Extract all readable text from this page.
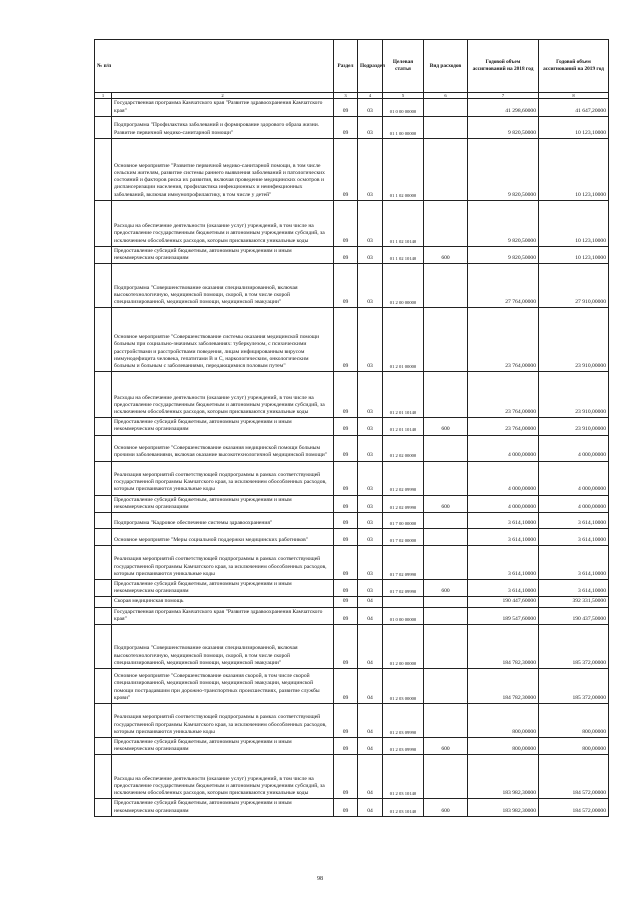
№ п/п		Раздел	Подраздел	Целевая статья	Вид расходов	Годовой объем ассигнований на 2018 год	Годовой объем ассигнований на 2019 год
1	2	3	4	5	6	7	8
	Государственная программа Камчатского края "Развитие здравоохранения Камчатского края"	09	03	01 0 00 00000		41 298,60000	41 647,20000
	Подпрограмма "Профилактика заболеваний и формирование здорового образа жизни. Развитие первичной медико-санитарной помощи"	09	03	01 1 00 00000		9 820,50000	10 123,10000
	Основное мероприятие "Развитие первичной медико-санитарной помощи, в том числе сельским жителям, развитие системы раннего выявления заболеваний и патологических состояний и факторов риска их развития, включая проведение медицинских осмотров и диспансеризации населения, профилактика инфекционных и неинфекционных заболеваний, включая иммунопрофилактику, в том числе у детей"	09	03	01 1 02 00000		9 820,50000	10 123,10000
	Расходы на обеспечение деятельности (оказание услуг) учреждений, в том числе на предоставление государственным бюджетным и автономным учреждениям субсидий, за исключением обособленных расходов, которым присваиваются уникальные коды	09	03	01 1 02 10140		9 820,50000	10 123,10000
	Предоставление субсидий бюджетным, автономным учреждениям и иным некоммерческим организациям	09	03	01 1 02 10140	600	9 820,50000	10 123,10000
	Подпрограмма "Совершенствование оказания специализированной, включая высокотехнологичную, медицинской помощи, скорой, в том числе скорой специализированной, медицинской помощи, медицинской эвакуации"	09	03	01 2 00 00000		27 764,00000	27 910,00000
	Основное мероприятие "Совершенствование системы оказания медицинской помощи больным при социально-значимых заболеваниях: туберкулезом, с психическими расстройствами и расстройствами поведения, лицам инфицированным вирусом иммунодефицита человека, гепатитами В и С, наркологическим, онкологическим больным и больным с заболеваниями, передающимися половым путем"	09	03	01 2 01 00000		23 764,00000	23 910,00000
	Расходы на обеспечение деятельности (оказание услуг) учреждений, в том числе на предоставление государственным бюджетным и автономным учреждениям субсидий, за исключением обособленных расходов, которым присваиваются уникальные коды	09	03	01 2 01 10140		23 764,00000	23 910,00000
	Предоставление субсидий бюджетным, автономным учреждениям и иным некоммерческим организациям	09	03	01 2 01 10140	600	23 764,00000	23 910,00000
	Основное мероприятие "Совершенствование оказания медицинской помощи больным прочими заболеваниями, включая оказание высокотехнологичной медицинской помощи"	09	03	01 2 02 00000		4 000,00000	4 000,00000
	Реализация мероприятий соответствующей подпрограммы в рамках соответствующей государственной программы Камчатского края, за исключением обособленных расходов, которым присваиваются уникальные коды	09	03	01 2 02 09990		4 000,00000	4 000,00000
	Предоставление субсидий бюджетным, автономным учреждениям и иным некоммерческим организациям	09	03	01 2 02 09990	600	4 000,00000	4 000,00000
	Подпрограмма "Кадровое обеспечение системы здравоохранения"	09	03	01 7 00 00000		3 614,10000	3 614,10000
	Основное мероприятие "Меры социальной поддержки медицинских работников"	09	03	01 7 02 00000		3 614,10000	3 614,10000
	Реализация мероприятий соответствующей подпрограммы в рамках соответствующей государственной программы Камчатского края, за исключением обособленных расходов, которым присваиваются уникальные коды	09	03	01 7 02 09990		3 614,10000	3 614,10000
	Предоставление субсидий бюджетным, автономным учреждениям и иным некоммерческим организациям	09	03	01 7 02 09990	600	3 614,10000	3 614,10000
	Скорая медицинская помощь	09	04			190 447,60000	392 331,50000
	Государственная программа Камчатского края "Развитие здравоохранения Камчатского края"	09	04	01 0 00 00000		189 547,60000	190 437,50000
	Подпрограмма "Совершенствование оказания специализированной, включая высокотехнологичную, медицинской помощи, скорой, в том числе скорой специализированной, медицинской помощи, медицинской эвакуации"	09	04	01 2 00 00000		184 782,30000	185 372,00000
	Основное мероприятие "Совершенствование оказания скорой, в том числе скорой специализированной, медицинской помощи, медицинской эвакуации, медицинской помощи пострадавшим при дорожно-транспортных происшествиях, развитие службы крови"	09	04	01 2 03 00000		184 782,30000	185 372,00000
	Реализация мероприятий соответствующей подпрограммы в рамках соответствующей государственной программы Камчатского края, за исключением обособленных расходов, которым присваиваются уникальные коды	09	04	01 2 03 09990		800,00000	800,00000
	Предоставление субсидий бюджетным, автономным учреждениям и иным некоммерческим организациям	09	04	01 2 03 09990	600	800,00000	800,00000
	Расходы на обеспечение деятельности (оказание услуг) учреждений, в том числе на предоставление государственным бюджетным и автономным учреждениям субсидий, за исключением обособленных расходов, которым присваиваются уникальные коды	09	04	01 2 03 10140		183 982,30000	184 572,00000
	Предоставление субсидий бюджетным, автономным учреждениям и иным некоммерческим организациям	09	04	01 2 03 10140	600	183 982,30000	184 572,00000
98
